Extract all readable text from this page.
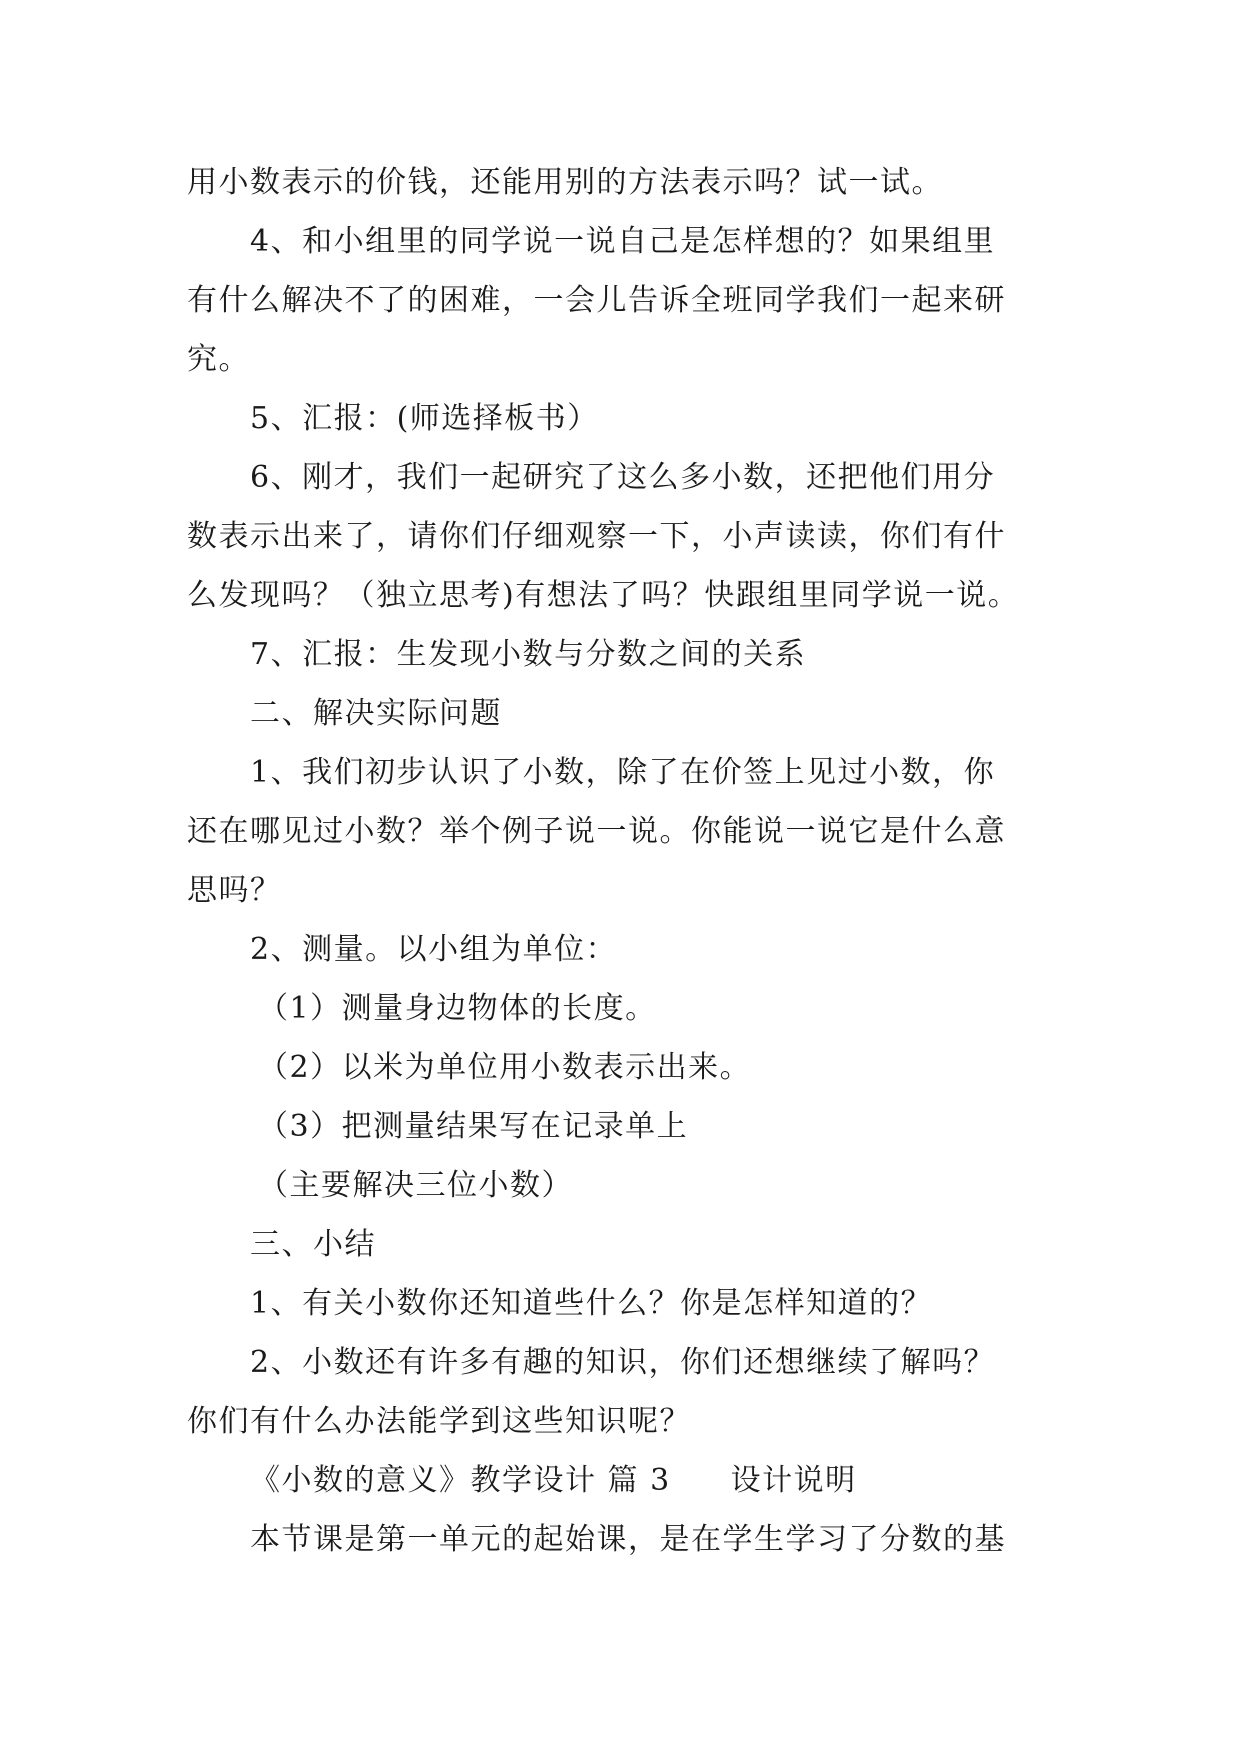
用小数表示的价钱，还能用别的方法表示吗？试一试。
4、和小组里的同学说一说自己是怎样想的？如果组里
有什么解决不了的困难，一会儿告诉全班同学我们一起来研
究。
5、汇报：(师选择板书）
6、刚才，我们一起研究了这么多小数，还把他们用分
数表示出来了，请你们仔细观察一下，小声读读，你们有什
么发现吗？（独立思考)有想法了吗？快跟组里同学说一说。
7、汇报：生发现小数与分数之间的关系
二、解决实际问题
1、我们初步认识了小数，除了在价签上见过小数，你
还在哪见过小数？举个例子说一说。你能说一说它是什么意
思吗？
2、测量。以小组为单位：
（1）测量身边物体的长度。
（2）以米为单位用小数表示出来。
（3）把测量结果写在记录单上
（主要解决三位小数）
三、小结
1、有关小数你还知道些什么？你是怎样知道的？
2、小数还有许多有趣的知识，你们还想继续了解吗？
你们有什么办法能学到这些知识呢？
《小数的意义》教学设计 篇 3 设计说明
本节课是第一单元的起始课，是在学生学习了分数的基
